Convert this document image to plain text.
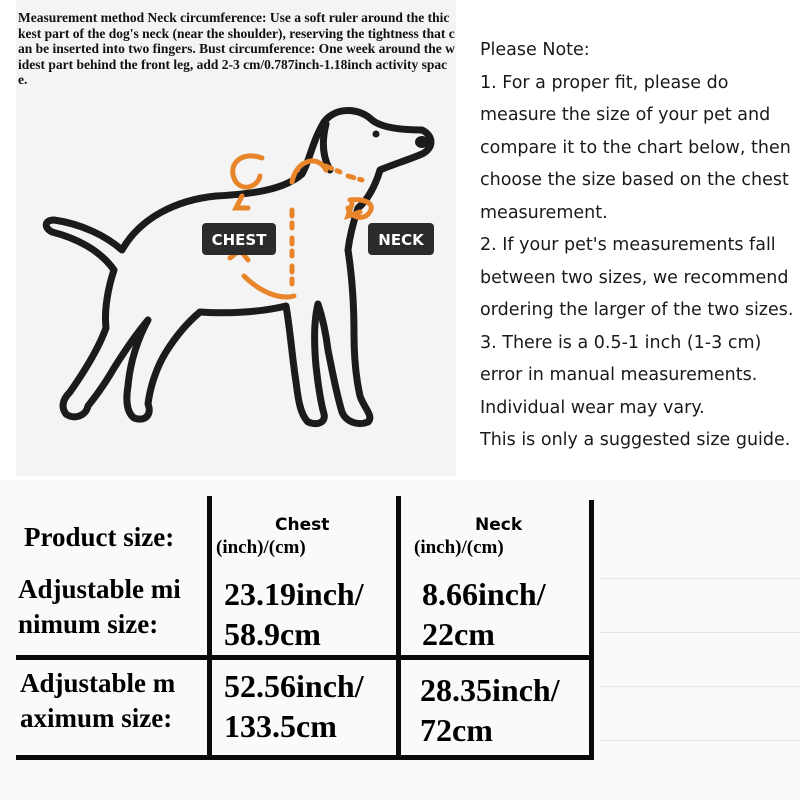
Measurement method Neck circumference: Use a soft ruler around the thickest part of the dog's neck (near the shoulder), reserving the tightness that can be inserted into two fingers. Bust circumference: One week around the widest part behind the front leg, add 2-3 cm/0.787inch-1.18inch activity space.

CHEST	NECK
Please Note:
1. For a proper fit, please do measure the size of your pet and compare it to the chart below, then choose the size based on the chest measurement.
2. If your pet's measurements fall between two sizes, we recommend ordering the larger of the two sizes.
3. There is a 0.5-1 inch (1-3 cm) error in manual measurements. Individual wear may vary.
This is only a suggested size guide.
Product size:	Chest
(inch)/(cm)
Neck
(inch)/(cm)
Adjustable mi
nimum size:
23.19inch/
58.9cm
8.66inch/
22cm
Adjustable m
aximum size:
52.56inch/
133.5cm
28.35inch/
72cm
